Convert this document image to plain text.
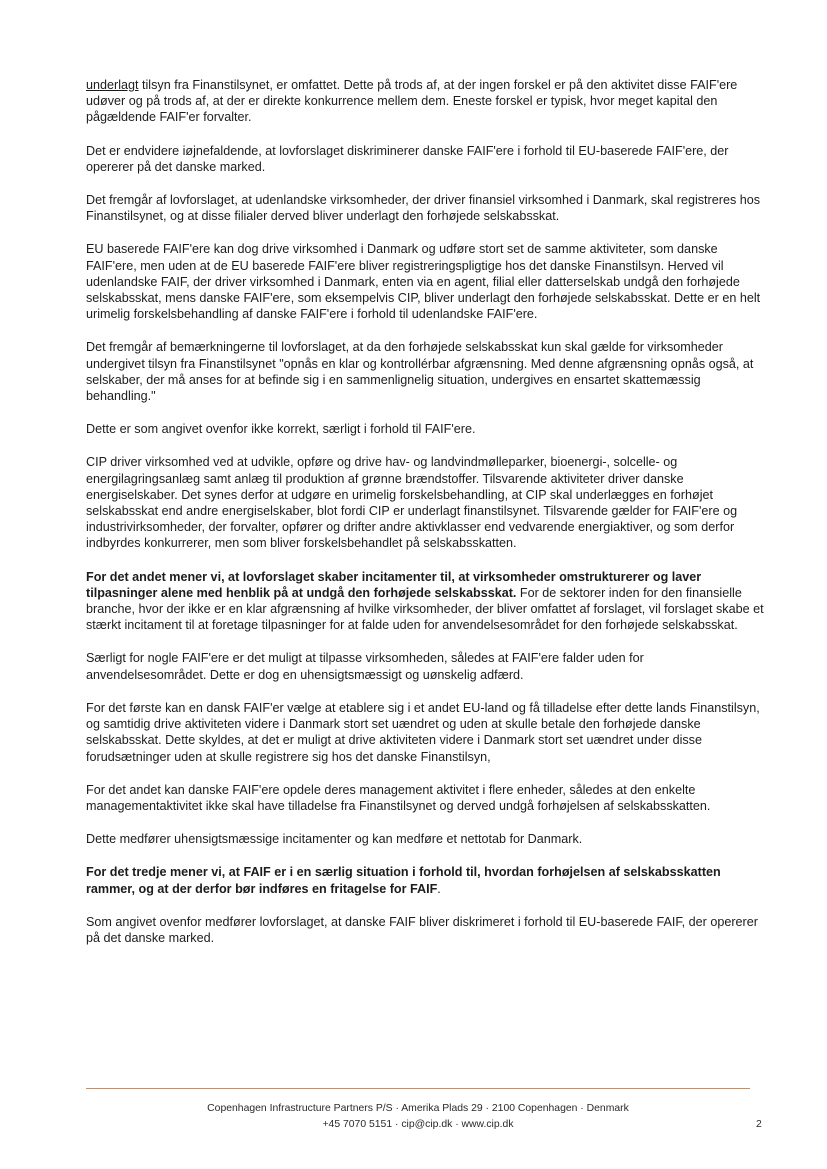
underlagt tilsyn fra Finanstilsynet, er omfattet. Dette på trods af, at der ingen forskel er på den aktivitet disse FAIF'ere udøver og på trods af, at der er direkte konkurrence mellem dem. Eneste forskel er typisk, hvor meget kapital den pågældende FAIF'er forvalter.

Det er endvidere iøjnefaldende, at lovforslaget diskriminerer danske FAIF'ere i forhold til EU-baserede FAIF'ere, der opererer på det danske marked.

Det fremgår af lovforslaget, at udenlandske virksomheder, der driver finansiel virksomhed i Danmark, skal registreres hos Finanstilsynet, og at disse filialer derved bliver underlagt den forhøjede selskabsskat.

EU baserede FAIF'ere kan dog drive virksomhed i Danmark og udføre stort set de samme aktiviteter, som danske FAIF'ere, men uden at de EU baserede FAIF'ere bliver registreringspligtige hos det danske Finanstilsyn. Herved vil udenlandske FAIF, der driver virksomhed i Danmark, enten via en agent, filial eller datterselskab undgå den forhøjede selskabsskat, mens danske FAIF'ere, som eksempelvis CIP, bliver underlagt den forhøjede selskabsskat. Dette er en helt urimelig forskelsbehandling af danske FAIF'ere i forhold til udenlandske FAIF'ere.

Det fremgår af bemærkningerne til lovforslaget, at da den forhøjede selskabsskat kun skal gælde for virksomheder undergivet tilsyn fra Finanstilsynet "opnås en klar og kontrollérbar afgrænsning. Med denne afgrænsning opnås også, at selskaber, der må anses for at befinde sig i en sammenlignelig situation, undergives en ensartet skattemæssig behandling."

Dette er som angivet ovenfor ikke korrekt, særligt i forhold til FAIF'ere.

CIP driver virksomhed ved at udvikle, opføre og drive hav- og landvindmølleparker, bioenergi-, solcelle- og energilagringsanlæg samt anlæg til produktion af grønne brændstoffer. Tilsvarende aktiviteter driver danske energiselskaber. Det synes derfor at udgøre en urimelig forskelsbehandling, at CIP skal underlægges en forhøjet selskabsskat end andre energiselskaber, blot fordi CIP er underlagt finanstilsynet. Tilsvarende gælder for FAIF'ere og industrivirksomheder, der forvalter, opfører og drifter andre aktivklasser end vedvarende energiaktiver, og som derfor indbyrdes konkurrerer, men som bliver forskelsbehandlet på selskabsskatten.

For det andet mener vi, at lovforslaget skaber incitamenter til, at virksomheder omstrukturerer og laver tilpasninger alene med henblik på at undgå den forhøjede selskabsskat. For de sektorer inden for den finansielle branche, hvor der ikke er en klar afgrænsning af hvilke virksomheder, der bliver omfattet af forslaget, vil forslaget skabe et stærkt incitament til at foretage tilpasninger for at falde uden for anvendelsesområdet for den forhøjede selskabsskat.

Særligt for nogle FAIF'ere er det muligt at tilpasse virksomheden, således at FAIF'ere falder uden for anvendelsesområdet. Dette er dog en uhensigtsmæssigt og uønskelig adfærd.

For det første kan en dansk FAIF'er vælge at etablere sig i et andet EU-land og få tilladelse efter dette lands Finanstilsyn, og samtidig drive aktiviteten videre i Danmark stort set uændret og uden at skulle betale den forhøjede danske selskabsskat. Dette skyldes, at det er muligt at drive aktiviteten videre i Danmark stort set uændret under disse forudsætninger uden at skulle registrere sig hos det danske Finanstilsyn,

For det andet kan danske FAIF'ere opdele deres management aktivitet i flere enheder, således at den enkelte managementaktivitet ikke skal have tilladelse fra Finanstilsynet og derved undgå forhøjelsen af selskabsskatten.

Dette medfører uhensigtsmæssige incitamenter og kan medføre et nettotab for Danmark.

For det tredje mener vi, at FAIF er i en særlig situation i forhold til, hvordan forhøjelsen af selskabsskatten rammer, og at der derfor bør indføres en fritagelse for FAIF.

Som angivet ovenfor medfører lovforslaget, at danske FAIF bliver diskrimeret i forhold til EU-baserede FAIF, der opererer på det danske marked.

Copenhagen Infrastructure Partners P/S · Amerika Plads 29 · 2100 Copenhagen · Denmark
+45 7070 5151 · cip@cip.dk · www.cip.dk	2
